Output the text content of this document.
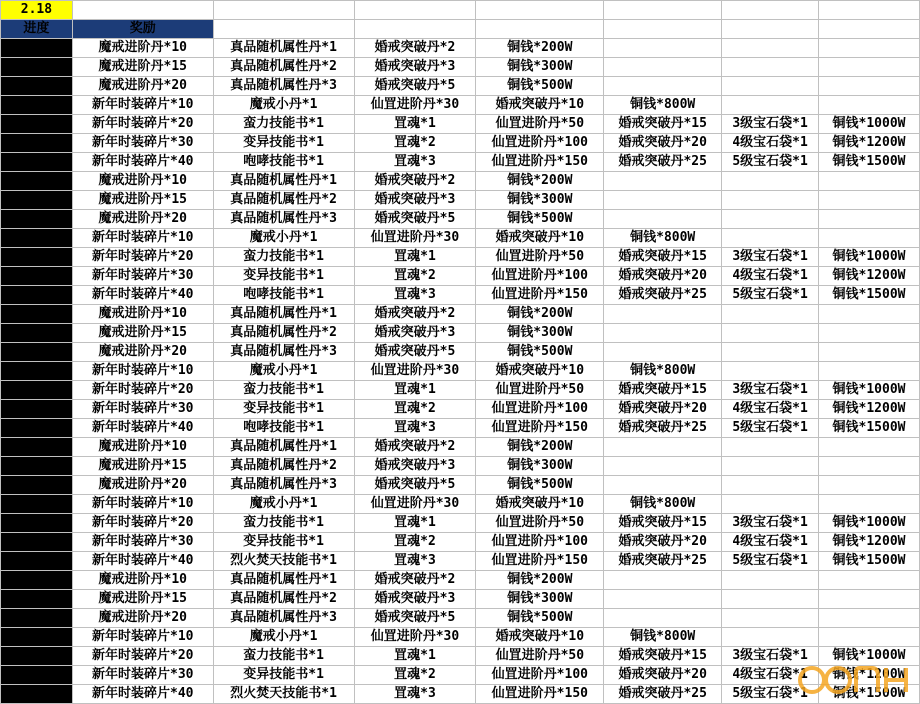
2.18							
进度	奖励						
125	魔戒进阶丹*10	真品随机属性丹*1	婚戒突破丹*2	铜钱*200W			
250	魔戒进阶丹*15	真品随机属性丹*2	婚戒突破丹*3	铜钱*300W			
400	魔戒进阶丹*20	真品随机属性丹*3	婚戒突破丹*5	铜钱*500W			
550	新年时装碎片*10	魔戒小丹*1	仙罝进阶丹*30	婚戒突破丹*10	铜钱*800W		
1050	新年时装碎片*20	蛮力技能书*1	罝魂*1	仙罝进阶丹*50	婚戒突破丹*15	3级宝石袋*1	铜钱*1000W
1600	新年时装碎片*30	变异技能书*1	罝魂*2	仙罝进阶丹*100	婚戒突破丹*20	4级宝石袋*1	铜钱*1200W
2250	新年时装碎片*40	咆哮技能书*1	罝魂*3	仙罝进阶丹*150	婚戒突破丹*25	5级宝石袋*1	铜钱*1500W
2407	魔戒进阶丹*10	真品随机属性丹*1	婚戒突破丹*2	铜钱*200W			
2563	魔戒进阶丹*15	真品随机属性丹*2	婚戒突破丹*3	铜钱*300W			
2750	魔戒进阶丹*20	真品随机属性丹*3	婚戒突破丹*5	铜钱*500W			
2938	新年时装碎片*10	魔戒小丹*1	仙罝进阶丹*30	婚戒突破丹*10	铜钱*800W		
3563	新年时装碎片*20	蛮力技能书*1	罝魂*1	仙罝进阶丹*50	婚戒突破丹*15	3级宝石袋*1	铜钱*1000W
4250	新年时装碎片*30	变异技能书*1	罝魂*2	仙罝进阶丹*100	婚戒突破丹*20	4级宝石袋*1	铜钱*1200W
5063	新年时装碎片*40	咆哮技能书*1	罝魂*3	仙罝进阶丹*150	婚戒突破丹*25	5级宝石袋*1	铜钱*1500W
5375	魔戒进阶丹*10	真品随机属性丹*1	婚戒突破丹*2	铜钱*200W			
5688	魔戒进阶丹*15	真品随机属性丹*2	婚戒突破丹*3	铜钱*300W			
6063	魔戒进阶丹*20	真品随机属性丹*3	婚戒突破丹*5	铜钱*500W			
6438	新年时装碎片*10	魔戒小丹*1	仙罝进阶丹*30	婚戒突破丹*10	铜钱*800W		
7688	新年时装碎片*20	蛮力技能书*1	罝魂*1	仙罝进阶丹*50	婚戒突破丹*15	3级宝石袋*1	铜钱*1000W
9063	新年时装碎片*30	变异技能书*1	罝魂*2	仙罝进阶丹*100	婚戒突破丹*20	4级宝石袋*1	铜钱*1200W
10688	新年时装碎片*40	咆哮技能书*1	罝魂*3	仙罝进阶丹*150	婚戒突破丹*25	5级宝石袋*1	铜钱*1500W
11469	魔戒进阶丹*10	真品随机属性丹*1	婚戒突破丹*2	铜钱*200W			
12250	魔戒进阶丹*15	真品随机属性丹*2	婚戒突破丹*3	铜钱*300W			
13188	魔戒进阶丹*20	真品随机属性丹*3	婚戒突破丹*5	铜钱*500W			
14125	新年时装碎片*10	魔戒小丹*1	仙罝进阶丹*30	婚戒突破丹*10	铜钱*800W		
17250	新年时装碎片*20	蛮力技能书*1	罝魂*1	仙罝进阶丹*50	婚戒突破丹*15	3级宝石袋*1	铜钱*1000W
20688	新年时装碎片*30	变异技能书*1	罝魂*2	仙罝进阶丹*100	婚戒突破丹*20	4级宝石袋*1	铜钱*1200W
24750	新年时装碎片*40	烈火焚天技能书*1	罝魂*3	仙罝进阶丹*150	婚戒突破丹*25	5级宝石袋*1	铜钱*1500W
27485	魔戒进阶丹*10	真品随机属性丹*1	婚戒突破丹*2	铜钱*200W			
30219	魔戒进阶丹*15	真品随机属性丹*2	婚戒突破丹*3	铜钱*300W			
33500	魔戒进阶丹*20	真品随机属性丹*3	婚戒突破丹*5	铜钱*500W			
36782	新年时装碎片*10	魔戒小丹*1	仙罝进阶丹*30	婚戒突破丹*10	铜钱*800W		
47719	新年时装碎片*20	蛮力技能书*1	罝魂*1	仙罝进阶丹*50	婚戒突破丹*15	3级宝石袋*1	铜钱*1000W
59750	新年时装碎片*30	变异技能书*1	罝魂*2	仙罝进阶丹*100	婚戒突破丹*20	4级宝石袋*1	铜钱*1200W
73969	新年时装碎片*40	烈火焚天技能书*1	罝魂*3	仙罝进阶丹*150	婚戒突破丹*25	5级宝石袋*1	铜钱*1500W
